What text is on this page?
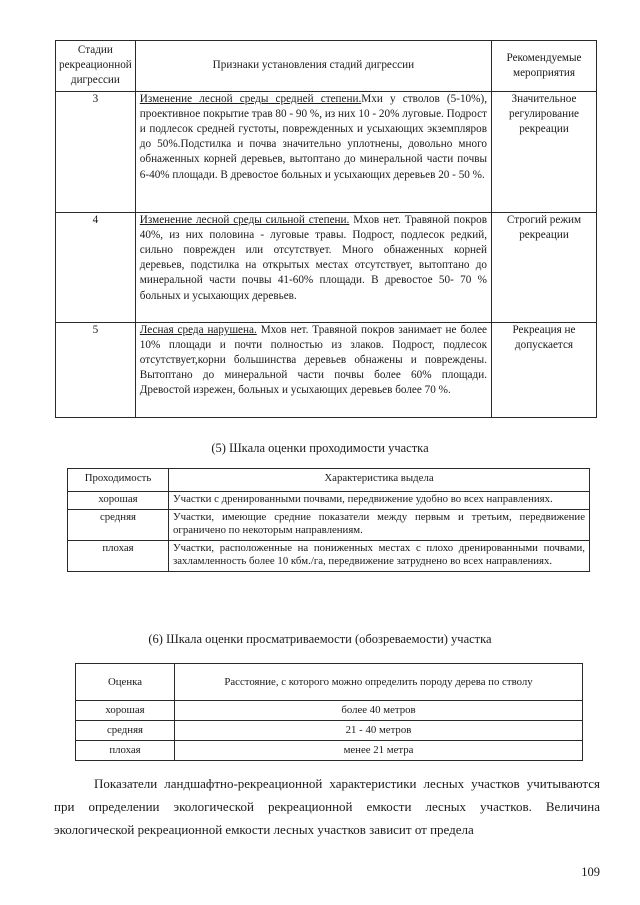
Стадии рекреационной дигрессии	Признаки установления стадий дигрессии	Рекомендуемые мероприятия
3	Изменение лесной среды средней степени.Мхи у стволов (5-10%), проективное покрытие трав 80 - 90 %, из них 10 - 20% луговые. Подрост и подлесок средней густоты, поврежденных и усыхающих экземпляров до 50%.Подстилка и почва значительно уплотнены, довольно много обнаженных корней деревьев, вытоптано до минеральной части почвы 6-40% площади. В древостое больных и усыхающих деревьев 20 - 50 %.	Значительное регулирование рекреации
4	Изменение лесной среды сильной степени. Мхов нет. Травяной покров 40%, из них половина - луговые травы. Подрост, подлесок редкий, сильно поврежден или отсутствует. Много обнаженных корней деревьев, подстилка на открытых местах отсутствует, вытоптано до минеральной части почвы 41-60% площади. В древостое 50- 70 % больных и усыхающих деревьев.	Строгий режим рекреации
5	Лесная среда нарушена. Мхов нет. Травяной покров занимает не более 10% площади и почти полностью из злаков. Подрост, подлесок отсутствует,корни большинства деревьев обнажены и повреждены. Вытоптано до минеральной части почвы более 60% площади. Древостой изрежен, больных и усыхающих деревьев более 70 %.	Рекреация не допускается
(5) Шкала оценки проходимости участка
Проходимость	Характеристика выдела
хорошая	Участки с дренированными почвами, передвижение удобно во всех направлениях.
средняя	Участки, имеющие средние показатели между первым и третьим, передвижение ограничено по некоторым направлениям.
плохая	Участки, расположенные на пониженных местах с плохо дренированными почвами, захламленность более 10 кбм./га, передвижение затруднено во всех направлениях.
(6) Шкала оценки просматриваемости (обозреваемости) участка
Оценка	Расстояние, с которого можно определить породу дерева по стволу
хорошая	более 40 метров
средняя	21 - 40 метров
плохая	менее 21 метра
Показатели ландшафтно-рекреационной характеристики лесных участков учитываются при определении экологической рекреационной емкости лесных участков. Величина экологической рекреационной емкости лесных участков зависит от предела
109
